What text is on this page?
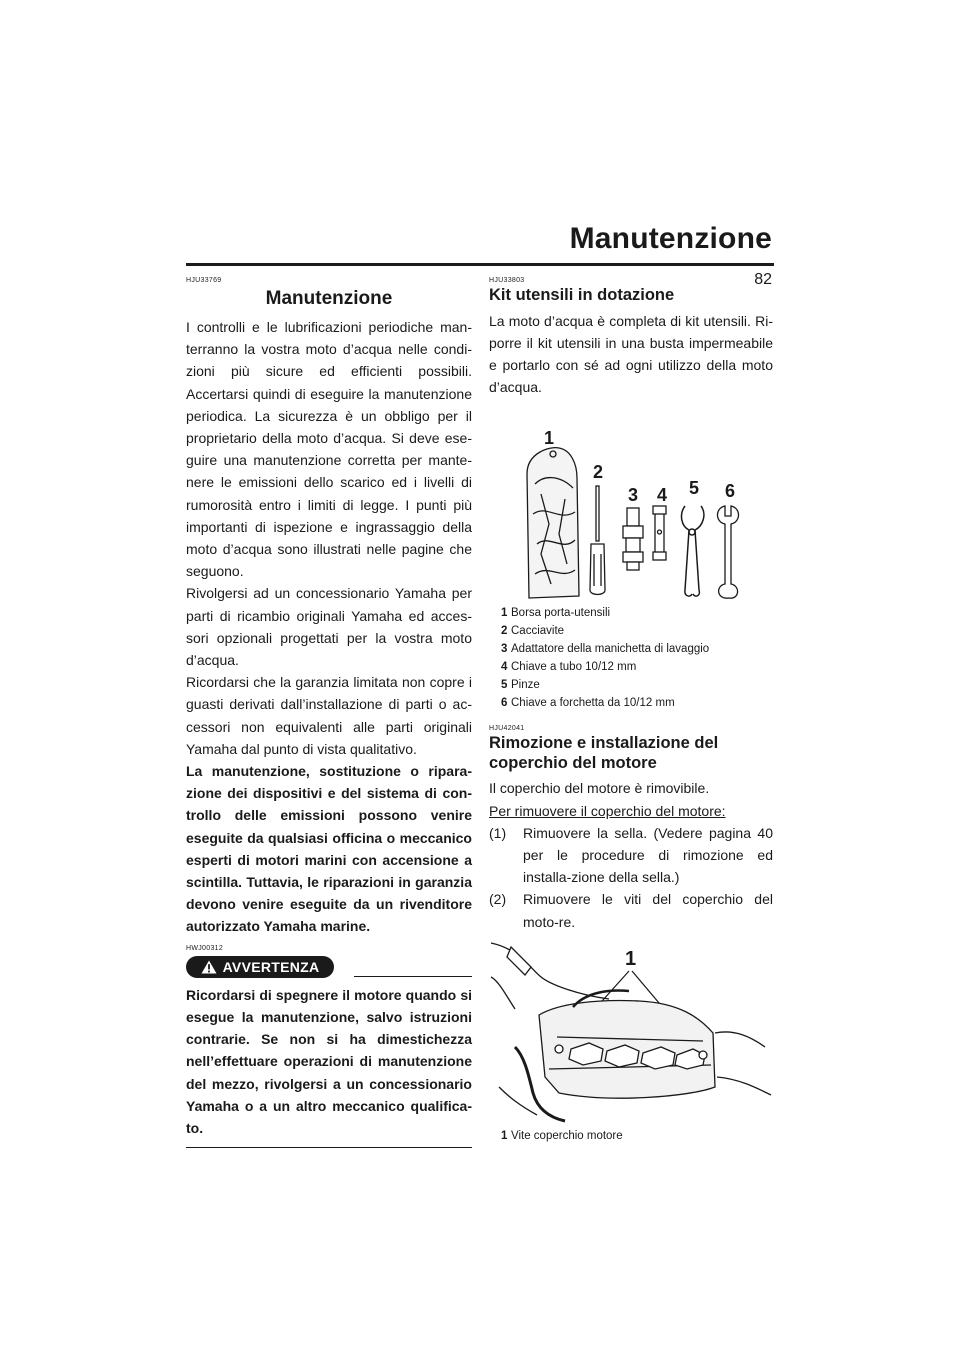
Manutenzione
82

HJU33769

Manutenzione

I controlli e le lubrificazioni periodiche man-terranno la vostra moto d’acqua nelle condi-zioni più sicure ed efficienti possibili. Accertarsi quindi di eseguire la manutenzione periodica. La sicurezza è un obbligo per il proprietario della moto d’acqua. Si deve ese-guire una manutenzione corretta per mante-nere le emissioni dello scarico ed i livelli di rumorosità entro i limiti di legge. I punti più importanti di ispezione e ingrassaggio della moto d’acqua sono illustrati nelle pagine che seguono.

Rivolgersi ad un concessionario Yamaha per parti di ricambio originali Yamaha ed acces-sori opzionali progettati per la vostra moto d’acqua.

Ricordarsi che la garanzia limitata non copre i guasti derivati dall’installazione di parti o ac-cessori non equivalenti alle parti originali Yamaha dal punto di vista qualitativo.

La manutenzione, sostituzione o ripara-zione dei dispositivi e del sistema di con-trollo delle emissioni possono venire eseguite da qualsiasi officina o meccanico esperti di motori marini con accensione a scintilla. Tuttavia, le riparazioni in garanzia devono venire eseguite da un rivenditore autorizzato Yamaha marine.

HWJ00312

AVVERTENZA

Ricordarsi di spegnere il motore quando si esegue la manutenzione, salvo istruzioni contrarie. Se non si ha dimestichezza nell’effettuare operazioni di manutenzione del mezzo, rivolgersi a un concessionario Yamaha o a un altro meccanico qualifica-to.

HJU33803

Kit utensili in dotazione

La moto d’acqua è completa di kit utensili. Ri-porre il kit utensili in una busta impermeabile e portarlo con sé ad ogni utilizzo della moto d’acqua.

1
2
3 4 5 6
1 Borsa porta-utensili
2 Cacciavite
3 Adattatore della manichetta di lavaggio
4 Chiave a tubo 10/12 mm
5 Pinze
6 Chiave a forchetta da 10/12 mm

HJU42041

Rimozione e installazione del coperchio del motore

Il coperchio del motore è rimovibile.

Per rimuovere il coperchio del motore:

(1)	Rimuovere la sella. (Vedere pagina 40 per le procedure di rimozione ed installa-zione della sella.)
(2)	Rimuovere le viti del coperchio del moto-re.
1
1 Vite coperchio motore
